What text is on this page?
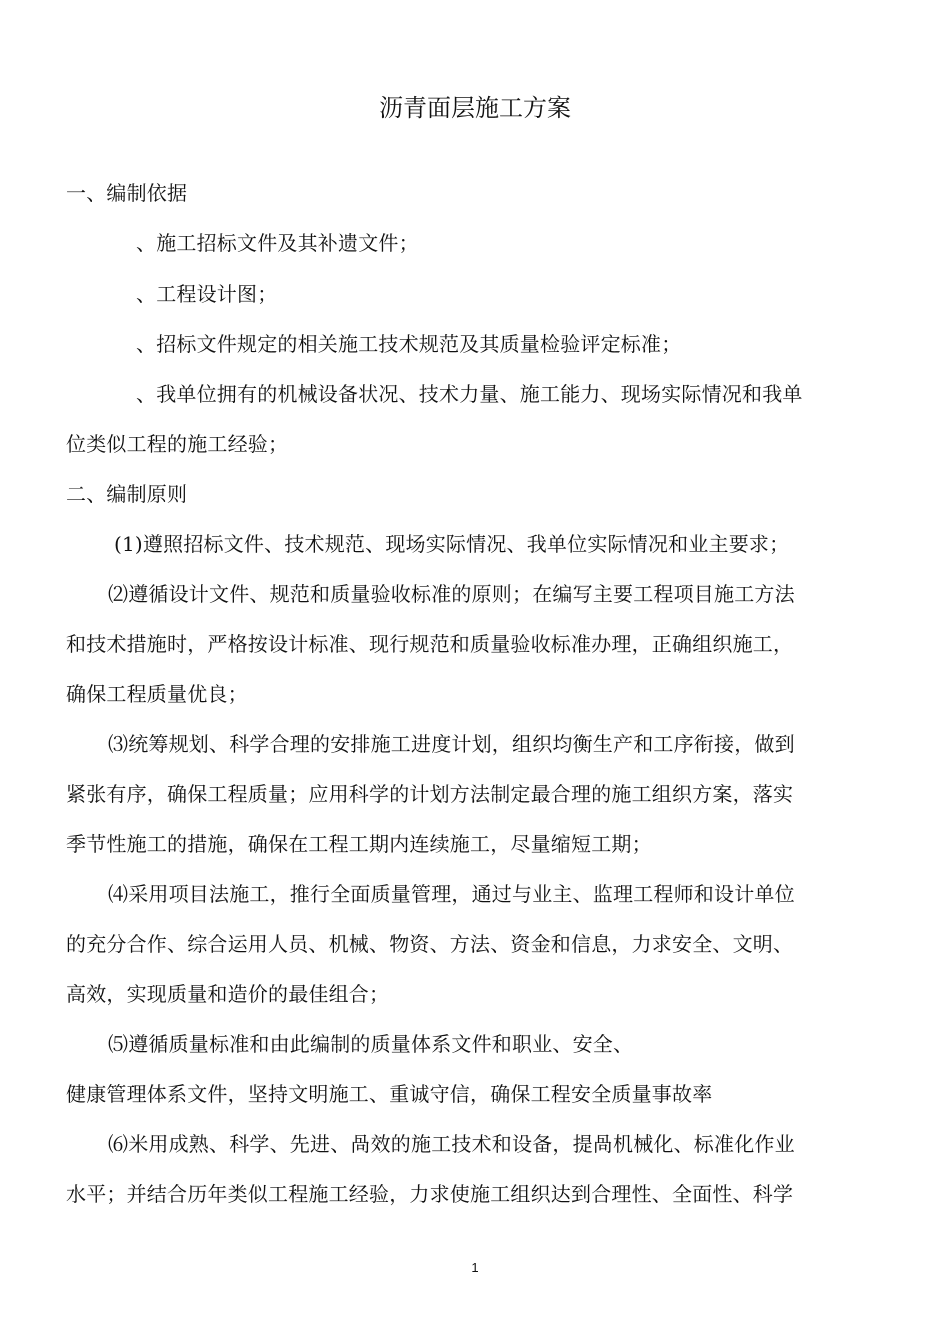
沥青面层施工方案
一、编制依据
、施工招标文件及其补遗文件；
、工程设计图；
、招标文件规定的相关施工技术规范及其质量检验评定标准；
、我单位拥有的机械设备状况、技术力量、施工能力、现场实际情况和我单
位类似工程的施工经验；
二、编制原则
(1)遵照招标文件、技术规范、现场实际情况、我单位实际情况和业主要求；
⑵遵循设计文件、规范和质量验收标准的原则；在编写主要工程项目施工方法
和技术措施时，严格按设计标准、现行规范和质量验收标准办理，正确组织施工，
确保工程质量优良；
⑶统筹规划、科学合理的安排施工进度计划，组织均衡生产和工序衔接，做到
紧张有序，确保工程质量；应用科学的计划方法制定最合理的施工组织方案，落实
季节性施工的措施，确保在工程工期内连续施工，尽量缩短工期；
⑷采用项目法施工，推行全面质量管理，通过与业主、监理工程师和设计单位
的充分合作、综合运用人员、机械、物资、方法、资金和信息，力求安全、文明、
高效，实现质量和造价的最佳组合；
⑸遵循质量标准和由此编制的质量体系文件和职业、安全、
健康管理体系文件，坚持文明施工、重诚守信，确保工程安全质量事故率
⑹米用成熟、科学、先进、咼效的施工技术和设备，提咼机械化、标准化作业
水平；并结合历年类似工程施工经验，力求使施工组织达到合理性、全面性、科学
1
